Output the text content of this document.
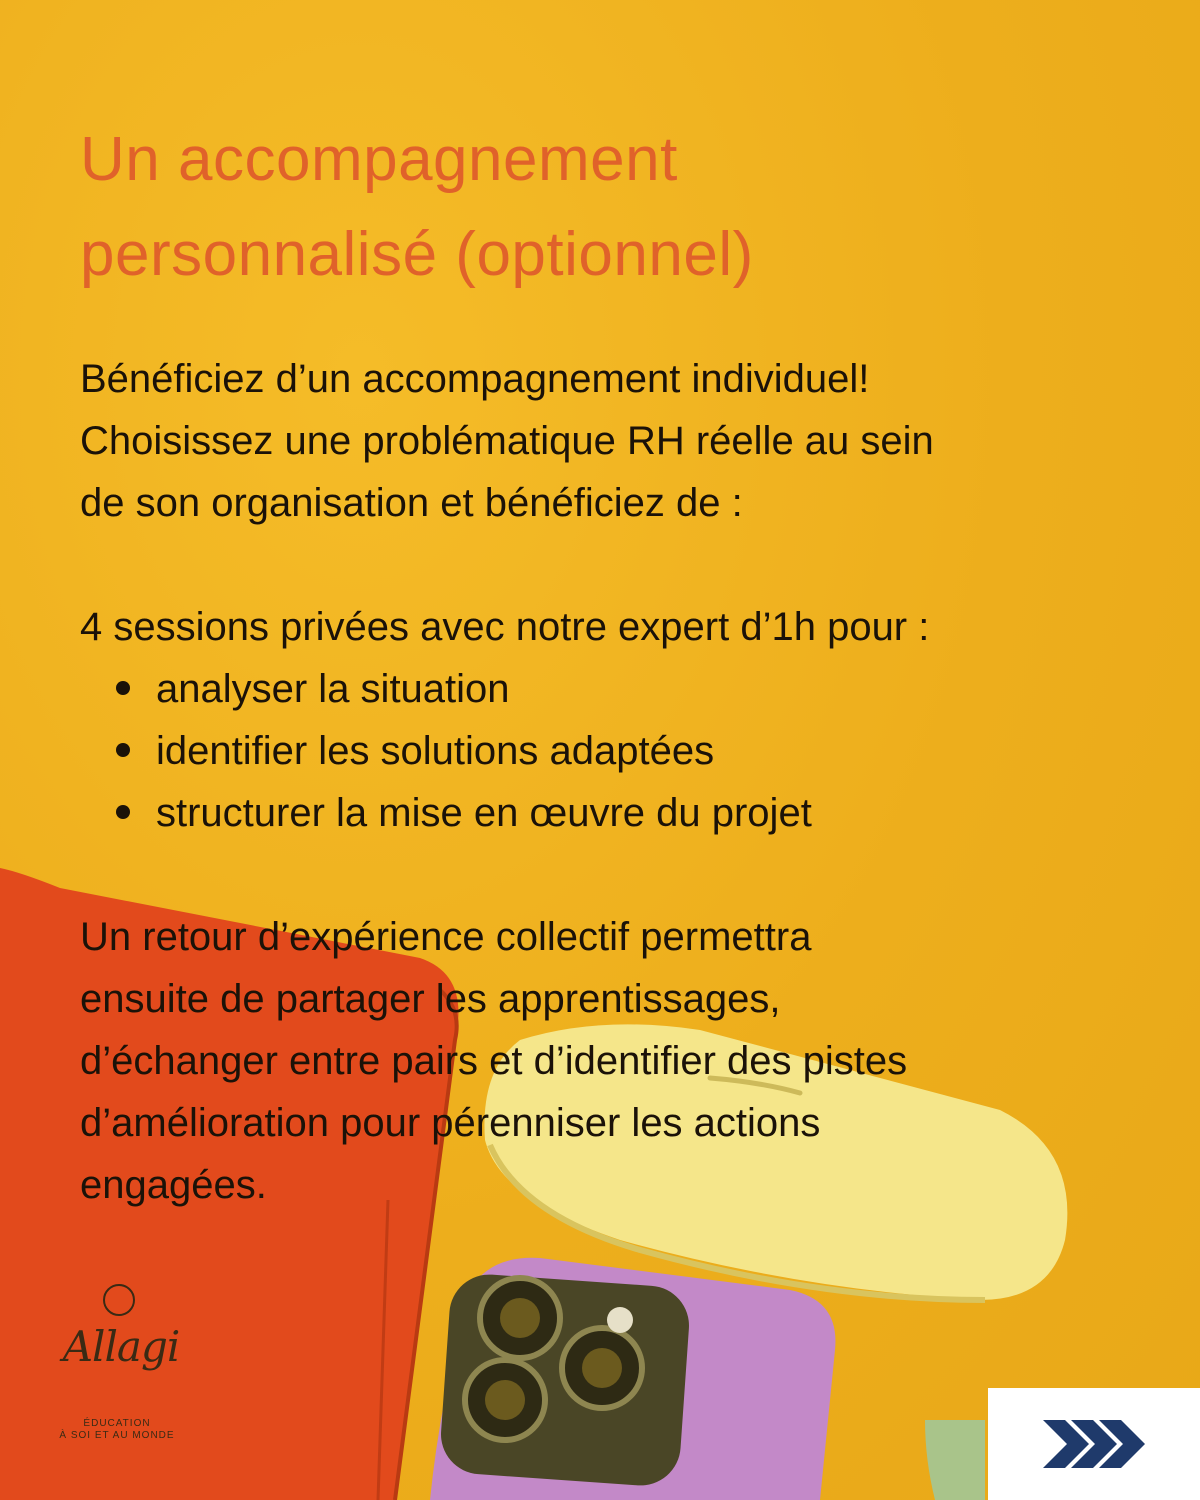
Un accompagnement
personnalisé (optionnel)
Bénéficiez d’un accompagnement individuel!
Choisissez une problématique RH réelle au sein
de son organisation et bénéficiez de :
4 sessions privées avec notre expert d’1h pour :
analyser la situation
identifier les solutions adaptées
structurer la mise en œuvre du projet
Un retour d’expérience collectif permettra
ensuite de partager les apprentissages,
d’échanger entre pairs et d’identifier des pistes
d’amélioration pour pérenniser les actions
engagées.
Allagi
ÉDUCATION
À SOI ET AU MONDE
